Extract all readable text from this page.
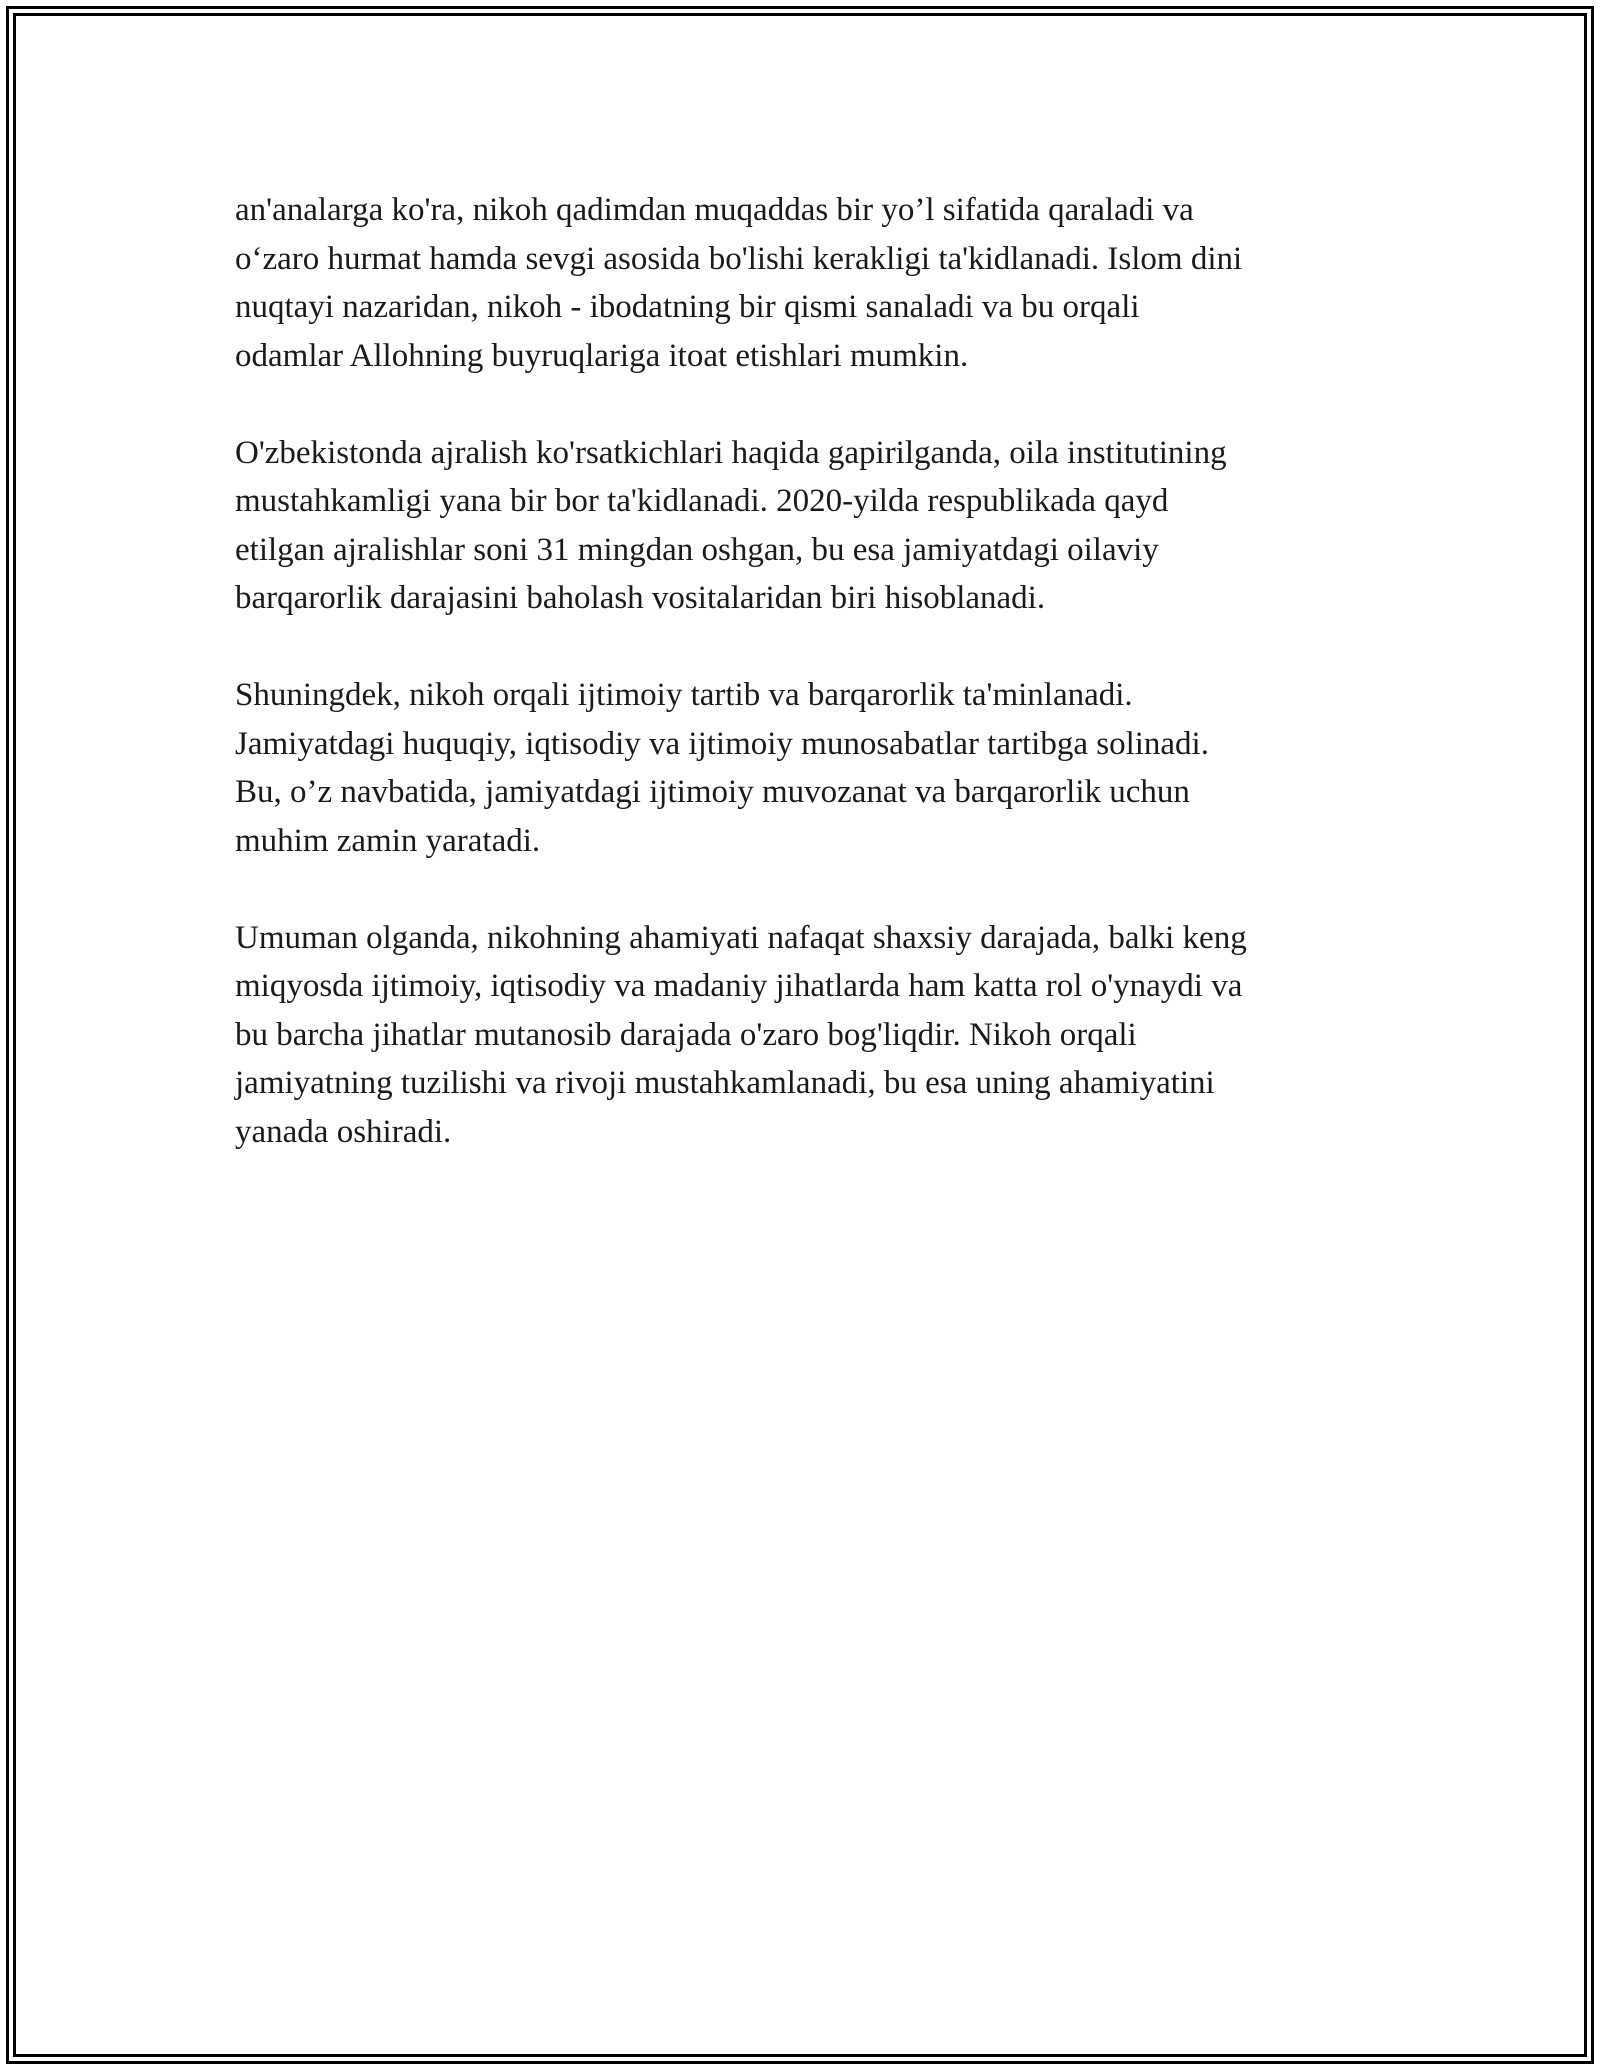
an'analarga ko'ra, nikoh qadimdan muqaddas bir yo’l sifatida qaraladi va
o‘zaro hurmat hamda sevgi asosida bo'lishi kerakligi ta'kidlanadi. Islom dini
nuqtayi nazaridan, nikoh - ibodatning bir qismi sanaladi va bu orqali
odamlar Allohning buyruqlariga itoat etishlari mumkin.

O'zbekistonda ajralish ko'rsatkichlari haqida gapirilganda, oila institutining
mustahkamligi yana bir bor ta'kidlanadi. 2020-yilda respublikada qayd
etilgan ajralishlar soni 31 mingdan oshgan, bu esa jamiyatdagi oilaviy
barqarorlik darajasini baholash vositalaridan biri hisoblanadi.

Shuningdek, nikoh orqali ijtimoiy tartib va barqarorlik ta'minlanadi.
Jamiyatdagi huquqiy, iqtisodiy va ijtimoiy munosabatlar tartibga solinadi.
Bu, o’z navbatida, jamiyatdagi ijtimoiy muvozanat va barqarorlik uchun
muhim zamin yaratadi.

Umuman olganda, nikohning ahamiyati nafaqat shaxsiy darajada, balki keng
miqyosda ijtimoiy, iqtisodiy va madaniy jihatlarda ham katta rol o'ynaydi va
bu barcha jihatlar mutanosib darajada o'zaro bog'liqdir. Nikoh orqali
jamiyatning tuzilishi va rivoji mustahkamlanadi, bu esa uning ahamiyatini
yanada oshiradi.
